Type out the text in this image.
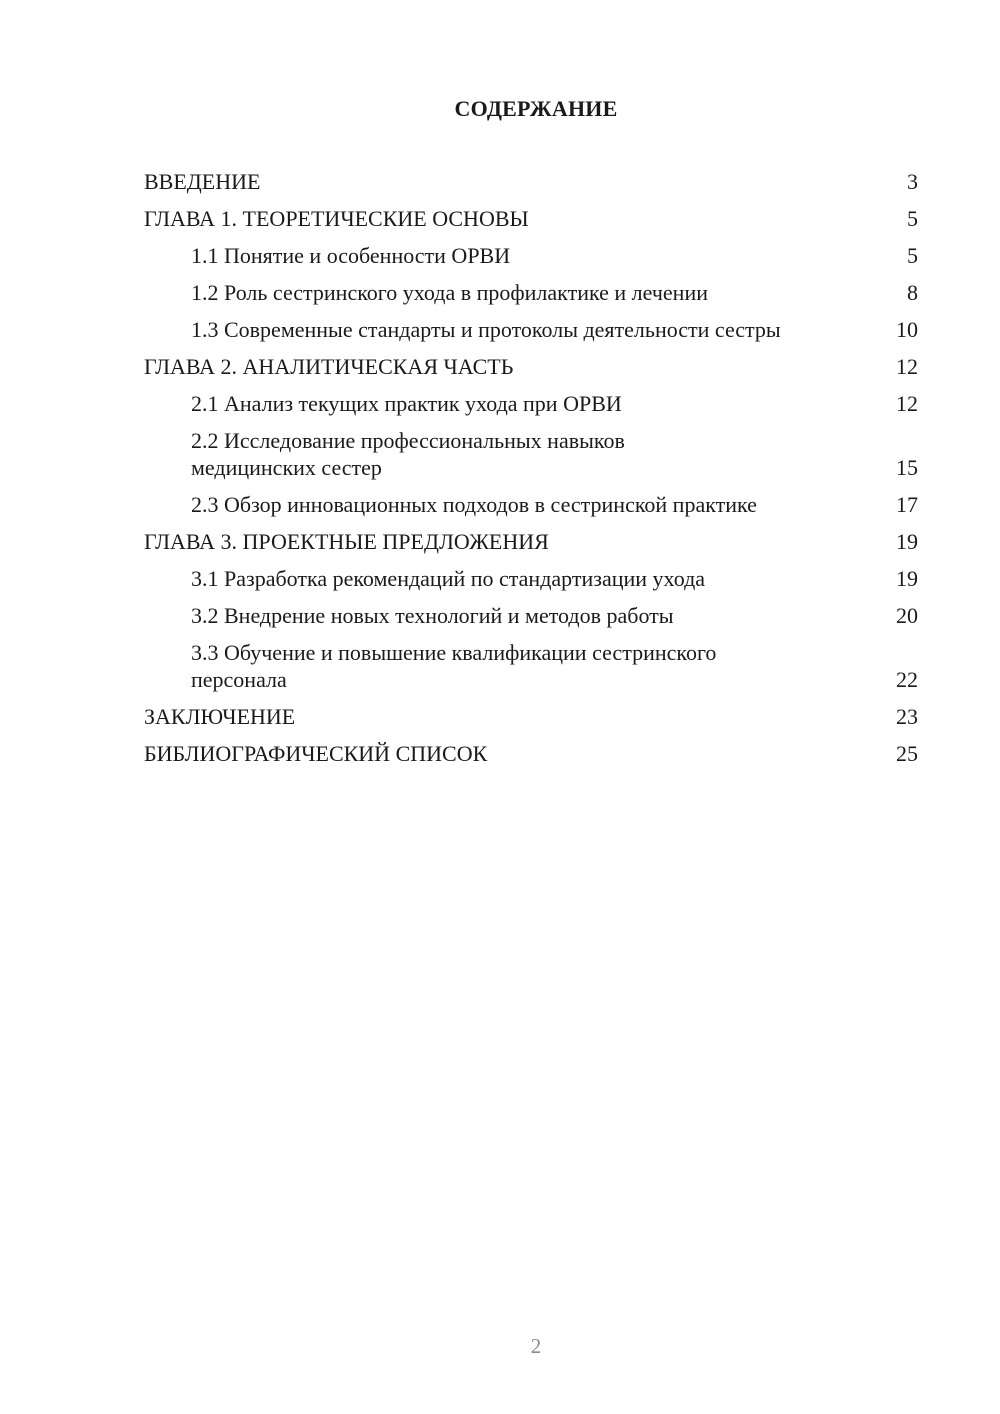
СОДЕРЖАНИЕ
ВВЕДЕНИЕ	3
ГЛАВА 1. ТЕОРЕТИЧЕСКИЕ ОСНОВЫ	5
1.1 Понятие и особенности ОРВИ	5
1.2 Роль сестринского ухода в профилактике и лечении	8
1.3 Современные стандарты и протоколы деятельности сестры	10
ГЛАВА 2. АНАЛИТИЧЕСКАЯ ЧАСТЬ	12
2.1 Анализ текущих практик ухода при ОРВИ	12
2.2 Исследование профессиональных навыков медицинских сестер	15
2.3 Обзор инновационных подходов в сестринской практике	17
ГЛАВА 3. ПРОЕКТНЫЕ ПРЕДЛОЖЕНИЯ	19
3.1 Разработка рекомендаций по стандартизации ухода	19
3.2 Внедрение новых технологий и методов работы	20
3.3 Обучение и повышение квалификации сестринского персонала	22
ЗАКЛЮЧЕНИЕ	23
БИБЛИОГРАФИЧЕСКИЙ СПИСОК	25
2
